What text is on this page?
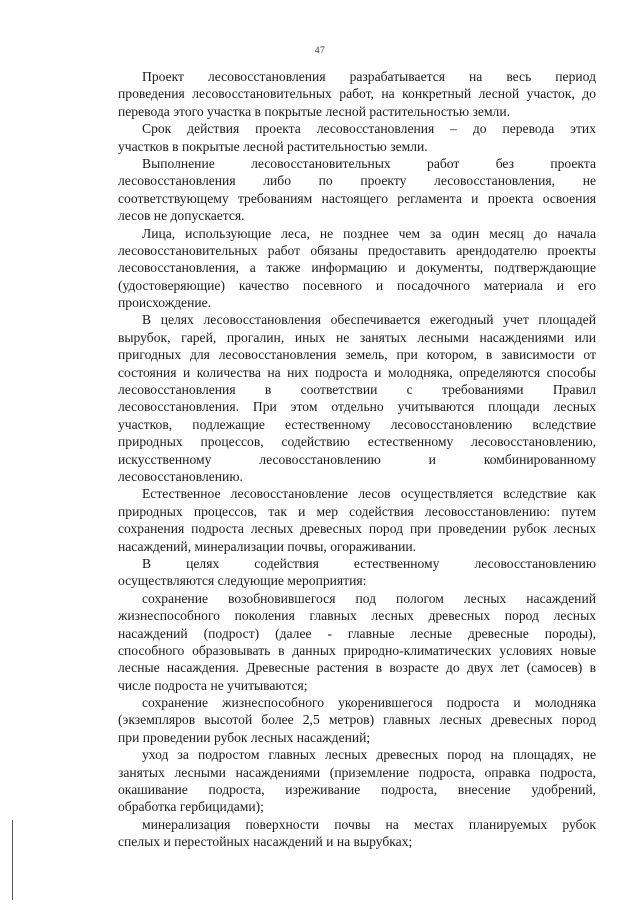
47
Проект лесовосстановления разрабатывается на весь период
проведения лесовосстановительных работ, на конкретный лесной участок, до
перевода этого участка в покрытые лесной растительностью земли.
Срок действия проекта лесовосстановления – до перевода этих
участков в покрытые лесной растительностью земли.
Выполнение лесовосстановительных работ без проекта
лесовосстановления либо по проекту лесовосстановления, не
соответствующему требованиям настоящего регламента и проекта освоения
лесов не допускается.
Лица, использующие леса, не позднее чем за один месяц до начала
лесовосстановительных работ обязаны предоставить арендодателю проекты
лесовосстановления, а также информацию и документы, подтверждающие
(удостоверяющие) качество посевного и посадочного материала и его
происхождение.
В целях лесовосстановления обеспечивается ежегодный учет площадей
вырубок, гарей, прогалин, иных не занятых лесными насаждениями или
пригодных для лесовосстановления земель, при котором, в зависимости от
состояния и количества на них подроста и молодняка, определяются способы
лесовосстановления в соответствии с требованиями Правил
лесовосстановления. При этом отдельно учитываются площади лесных
участков, подлежащие естественному лесовосстановлению вследствие
природных процессов, содействию естественному лесовосстановлению,
искусственному лесовосстановлению и комбинированному
лесовосстановлению.
Естественное лесовосстановление лесов осуществляется вследствие как
природных процессов, так и мер содействия лесовосстановлению: путем
сохранения подроста лесных древесных пород при проведении рубок лесных
насаждений, минерализации почвы, огораживании.
В целях содействия естественному лесовосстановлению
осуществляются следующие мероприятия:
сохранение возобновившегося под пологом лесных насаждений
жизнеспособного поколения главных лесных древесных пород лесных
насаждений (подрост) (далее - главные лесные древесные породы),
способного образовывать в данных природно-климатических условиях новые
лесные насаждения. Древесные растения в возрасте до двух лет (самосев) в
числе подроста не учитываются;
сохранение жизнеспособного укоренившегося подроста и молодняка
(экземпляров высотой более 2,5 метров) главных лесных древесных пород
при проведении рубок лесных насаждений;
уход за подростом главных лесных древесных пород на площадях, не
занятых лесными насаждениями (приземление подроста, оправка подроста,
окашивание подроста, изреживание подроста, внесение удобрений,
обработка гербицидами);
минерализация поверхности почвы на местах планируемых рубок
спелых и перестойных насаждений и на вырубках;
